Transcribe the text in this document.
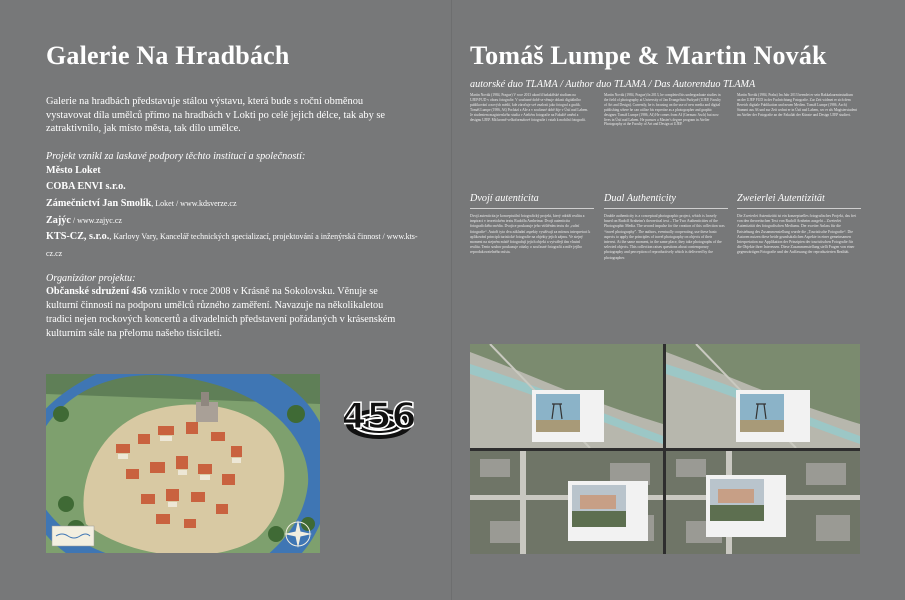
Galerie Na Hradbách
Galerie na hradbách představuje stálou výstavu, která bude s roční obměnou vystavovat díla umělců přímo na hradbách v Lokti po celé jejich délce, tak aby se zatraktivnilo, jak místo města, tak dílo umělce.
Projekt vznikl za laskavé podpory těchto institucí a společností:
Město Loket
COBA ENVI s.r.o.
Zámečnictví Jan Smolík, Loket / www.kdsverze.cz
Zajýc / www.zajyc.cz
KTS-CZ, s.r.o., Karlovy Vary, Kancelář technických specializací, projektování a inženýrská činnost / www.kts-cz.cz
Organizátor projektu:
Občanské sdružení 456 vzniklo v roce 2008 v Krásně na Sokolovsku. Věnuje se kulturní činnosti na podporu umělců různého zaměření. Navazuje na několikaletou tradici nejen rockových koncertů a divadelních představení pořádaných v krásenském kulturním sále na přelomu našeho tisíciletí.
456
Tomáš Lumpe & Martin Novák
autorské duo TLAMA / Author duo TLAMA / Das Autorenduo TLAMA
Martin Novák (1984, Prague) V roce 2013 ukončil bakalářské studium na UJEP/FUD v oboru fotografie. V současné době se věnuje oblasti digitálního publikování a nových médií, kde zúročuje své znalosti jako fotograf a grafik. Tomáš Lumpe (1986, Aš) Pochází z Aše a v současné době žije v Ústí nad Labem. Je studentem magisterského studia v Ateliéru fotografie na Fakultě umění a designu UJEP. Má kromě velkoformátové fotografie i vztah k mobilní fotografii.
Martin Novák (1984, Prague) In 2013, he completed his undergraduate studies in the field of photography at University of Jan Evangelista Purkyně (UJEP, Faculty of Art and Design). Currently, he is focusing on the use of new media and digital publishing where he can utilize his expertise as a photographer and graphic designer. Tomáš Lumpe (1986, Aš) He comes from Aš (German: Asch) but now lives in Ústí nad Labem. He pursues a Master's degree program in Atelier Photography at the Faculty of Art and Design at UJEP.
Martin Novák (1984, Prahа) Im Jahr 2013 beendet er sein Bakkalaureatsstudium an der UJEP FUD in der Fachrichtung Fotografie. Zur Zeit widmet er sich dem Bereich digitale Publikation und neuen Medien. Tomáš Lumpe (1986, Asch) Stammt aus Aš und zur Zeit wohnt er in Ústí nad Labem, wo er als Magisterstudent im Atelier der Fotografie an der Fakultät der Künste und Design UJEP studiert.
Dvojí autenticita
Dvojí autenticita je konceptuální fotografický projekt, který odráží realitu a inspiraci v teoretickém textu Rudolfa Arnheima: Dvojí autenticita fotografického média. Dvojice poukazuje jeho vtištěním textu do „ruční fotografie“. Autoři tyto dva základní aspekty využívají za mírnou interpretaci k aplikování principů turistické fotografie na objekty jejich zájmu. Ve stejný moment na stejném místě fotografují jejich objekt a vytvářejí tím vlastní realitu. Tento soubor poukazuje otázky o současné fotografii a míře jejího reprodukovatelného místa.
Dual Authenticity
Double authenticity is a conceptual photographic project, which is loosely based on Rudolf Arnheim's theoretical text – The Two Authenticities of the Photographic Media. The second impulse for the creation of this collection was “travel photography”. The authors, eventually cooperating, use these basic aspects to apply the principles of travel photography on objects of their interest. At the same moment, in the same place, they take photographs of the selected objects. This collection raises questions about contemporary photography and perception of reproductively which is delivered by the photographer.
Zweierlei Autentizität
Die Zweierlei Autentizität ist ein konzeptuelles fotografisches Projekt, das frei von den theoretischen Text von Rudolf Arnheim ausgeht – Zweierlei Autentizität des fotografischen Mediums. Der zweiter Anlass für die Entstehung des Zusammenstellung wurde die „Touristische Fotografie“. Die Autoren nutzen diese beide grundsätzlichen Aspekte in einer gemeinsamen Interpretation zur Applikation der Prinzipien der touristischen Fotografie für die Objekte ihrer Interessen. Diese Zusammenstellung stellt Fragen von einer gegenwärtigen Fotografie und der Auffassung der reproduzierten Realität.
